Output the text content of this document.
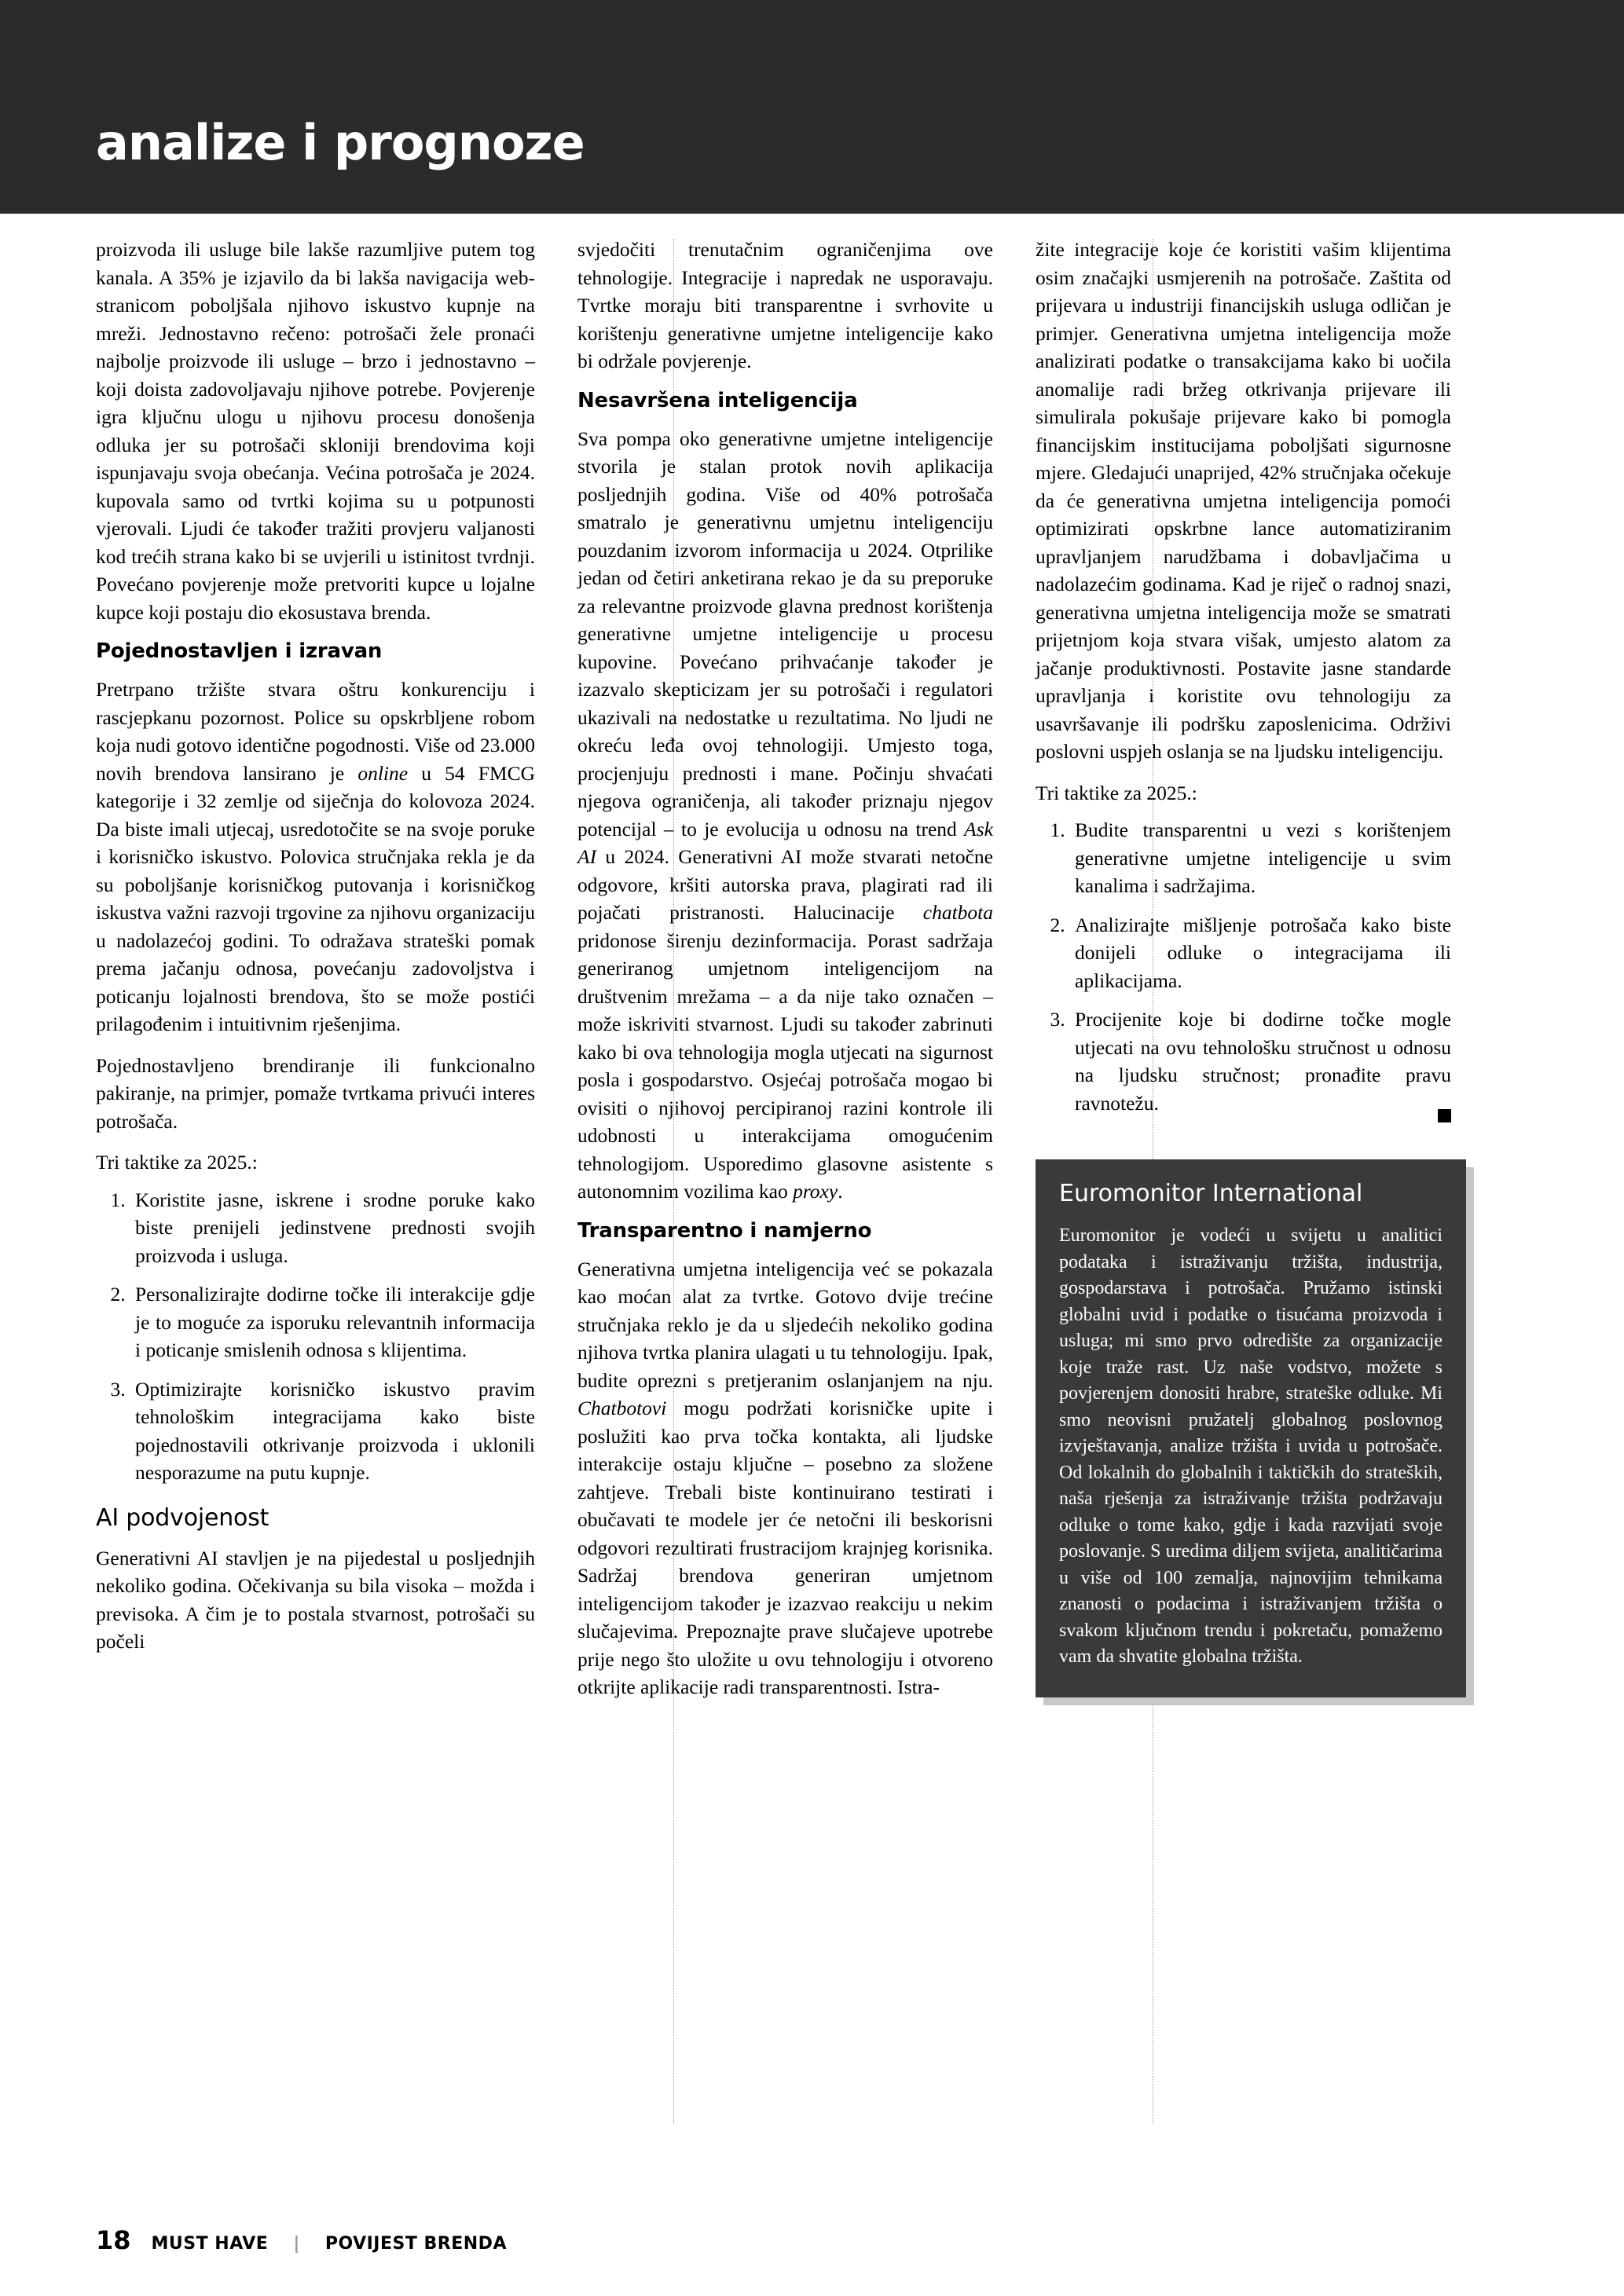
analize i prognoze

proizvoda ili usluge bile lakše razumljive putem tog kanala. A 35% je izjavilo da bi lakša navigacija web-stranicom poboljšala njihovo iskustvo kupnje na mreži. Jednostavno rečeno: potrošači žele pronaći najbolje proizvode ili usluge – brzo i jednostavno – koji doista zadovoljavaju njihove potrebe. Povjerenje igra ključnu ulogu u njihovu procesu donošenja odluka jer su potrošači skloniji brendovima koji ispunjavaju svoja obećanja. Većina potrošača je 2024. kupovala samo od tvrtki kojima su u potpunosti vjerovali. Ljudi će također tražiti provjeru valjanosti kod trećih strana kako bi se uvjerili u istinitost tvrdnji. Povećano povjerenje može pretvoriti kupce u lojalne kupce koji postaju dio ekosustava brenda.

Pojednostavljen i izravan

Pretrpano tržište stvara oštru konkurenciju i rascjepkanu pozornost. Police su opskrbljene robom koja nudi gotovo identične pogodnosti. Više od 23.000 novih brendova lansirano je online u 54 FMCG kategorije i 32 zemlje od siječnja do kolovoza 2024. Da biste imali utjecaj, usredotočite se na svoje poruke i korisničko iskustvo. Polovica stručnjaka rekla je da su poboljšanje korisničkog putovanja i korisničkog iskustva važni razvoji trgovine za njihovu organizaciju u nadolazećoj godini. To odražava strateški pomak prema jačanju odnosa, povećanju zadovoljstva i poticanju lojalnosti brendova, što se može postići prilagođenim i intuitivnim rješenjima.

Pojednostavljeno brendiranje ili funkcionalno pakiranje, na primjer, pomaže tvrtkama privući interes potrošača.

Tri taktike za 2025.:
1. Koristite jasne, iskrene i srodne poruke kako biste prenijeli jedinstvene prednosti svojih proizvoda i usluga.
2. Personalizirajte dodirne točke ili interakcije gdje je to moguće za isporuku relevantnih informacija i poticanje smislenih odnosa s klijentima.
3. Optimizirajte korisničko iskustvo pravim tehnološkim integracijama kako biste pojednostavili otkrivanje proizvoda i uklonili nesporazume na putu kupnje.
AI podvojenost

Generativni AI stavljen je na pijedestal u posljednjih nekoliko godina. Očekivanja su bila visoka – možda i previsoka. A čim je to postala stvarnost, potrošači su počeli

svjedočiti trenutačnim ograničenjima ove tehnologije. Integracije i napredak ne usporavaju. Tvrtke moraju biti transparentne i svrhovite u korištenju generativne umjetne inteligencije kako bi održale povjerenje.

Nesavršena inteligencija

Sva pompa oko generativne umjetne inteligencije stvorila je stalan protok novih aplikacija posljednjih godina. Više od 40% potrošača smatralo je generativnu umjetnu inteligenciju pouzdanim izvorom informacija u 2024. Otprilike jedan od četiri anketirana rekao je da su preporuke za relevantne proizvode glavna prednost korištenja generativne umjetne inteligencije u procesu kupovine. Povećano prihvaćanje također je izazvalo skepticizam jer su potrošači i regulatori ukazivali na nedostatke u rezultatima. No ljudi ne okreću leđa ovoj tehnologiji. Umjesto toga, procjenjuju prednosti i mane. Počinju shvaćati njegova ograničenja, ali također priznaju njegov potencijal – to je evolucija u odnosu na trend Ask AI u 2024. Generativni AI može stvarati netočne odgovore, kršiti autorska prava, plagirati rad ili pojačati pristranosti. Halucinacije chatbota pridonose širenju dezinformacija. Porast sadržaja generiranog umjetnom inteligencijom na društvenim mrežama – a da nije tako označen – može iskriviti stvarnost. Ljudi su također zabrinuti kako bi ova tehnologija mogla utjecati na sigurnost posla i gospodarstvo. Osjećaj potrošača mogao bi ovisiti o njihovoj percipiranoj razini kontrole ili udobnosti u interakcijama omogućenim tehnologijom. Usporedimo glasovne asistente s autonomnim vozilima kao proxy.

Transparentno i namjerno

Generativna umjetna inteligencija već se pokazala kao moćan alat za tvrtke. Gotovo dvije trećine stručnjaka reklo je da u sljedećih nekoliko godina njihova tvrtka planira ulagati u tu tehnologiju. Ipak, budite oprezni s pretjeranim oslanjanjem na nju. Chatbotovi mogu podržati korisničke upite i poslužiti kao prva točka kontakta, ali ljudske interakcije ostaju ključne – posebno za složene zahtjeve. Trebali biste kontinuirano testirati i obučavati te modele jer će netočni ili beskorisni odgovori rezultirati frustracijom krajnjeg korisnika. Sadržaj brendova generiran umjetnom inteligencijom također je izazvao reakciju u nekim slučajevima. Prepoznajte prave slučajeve upotrebe prije nego što uložite u ovu tehnologiju i otvoreno otkrijte aplikacije radi transparentnosti. Istra-

žite integracije koje će koristiti vašim klijentima osim značajki usmjerenih na potrošače. Zaštita od prijevara u industriji financijskih usluga odličan je primjer. Generativna umjetna inteligencija može analizirati podatke o transakcijama kako bi uočila anomalije radi bržeg otkrivanja prijevare ili simulirala pokušaje prijevare kako bi pomogla financijskim institucijama poboljšati sigurnosne mjere. Gledajući unaprijed, 42% stručnjaka očekuje da će generativna umjetna inteligencija pomoći optimizirati opskrbne lance automatiziranim upravljanjem narudžbama i dobavljačima u nadolazećim godinama. Kad je riječ o radnoj snazi, generativna umjetna inteligencija može se smatrati prijetnjom koja stvara višak, umjesto alatom za jačanje produktivnosti. Postavite jasne standarde upravljanja i koristite ovu tehnologiju za usavršavanje ili podršku zaposlenicima. Održivi poslovni uspjeh oslanja se na ljudsku inteligenciju.

Tri taktike za 2025.:
1. Budite transparentni u vezi s korištenjem generativne umjetne inteligencije u svim kanalima i sadržajima.
2. Analizirajte mišljenje potrošača kako biste donijeli odluke o integracijama ili aplikacijama.
3. Procijenite koje bi dodirne točke mogle utjecati na ovu tehnološku stručnost u odnosu na ljudsku stručnost; pronađite pravu ravnotežu.
Euromonitor International

Euromonitor je vodeći u svijetu u analitici podataka i istraživanju tržišta, industrija, gospodarstava i potrošača. Pružamo istinski globalni uvid i podatke o tisućama proizvoda i usluga; mi smo prvo odredište za organizacije koje traže rast. Uz naše vodstvo, možete s povjerenjem donositi hrabre, strateške odluke. Mi smo neovisni pružatelj globalnog poslovnog izvještavanja, analize tržišta i uvida u potrošače. Od lokalnih do globalnih i taktičkih do strateških, naša rješenja za istraživanje tržišta podržavaju odluke o tome kako, gdje i kada razvijati svoje poslovanje. S uredima diljem svijeta, analitičarima u više od 100 zemalja, najnovijim tehnikama znanosti o podacima i istraživanjem tržišta o svakom ključnom trendu i pokretaču, pomažemo vam da shvatite globalna tržišta.

18 MUST HAVE | POVIJEST BRENDA
